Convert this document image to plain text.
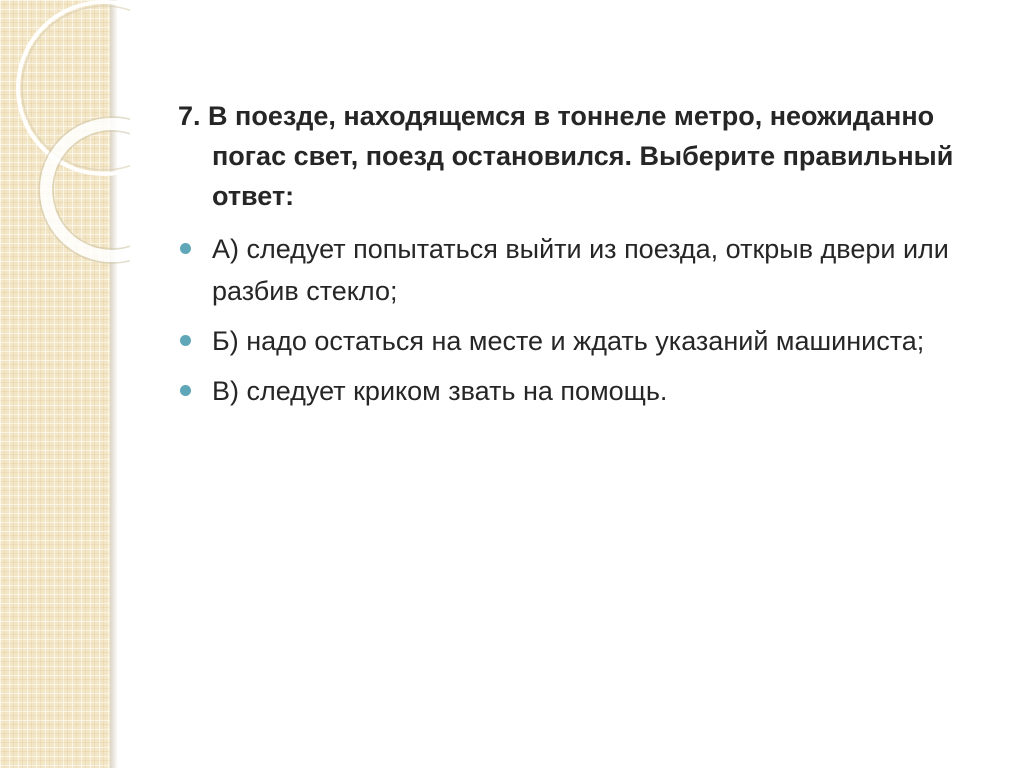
7. В поезде, находящемся в тоннеле метро, неожиданно погас свет, поезд остановился. Выберите правильный ответ:

А) следует попытаться выйти из поезда, открыв двери или разбив стекло;
Б) надо остаться на месте и ждать указаний машиниста;
В) следует криком звать на помощь.
